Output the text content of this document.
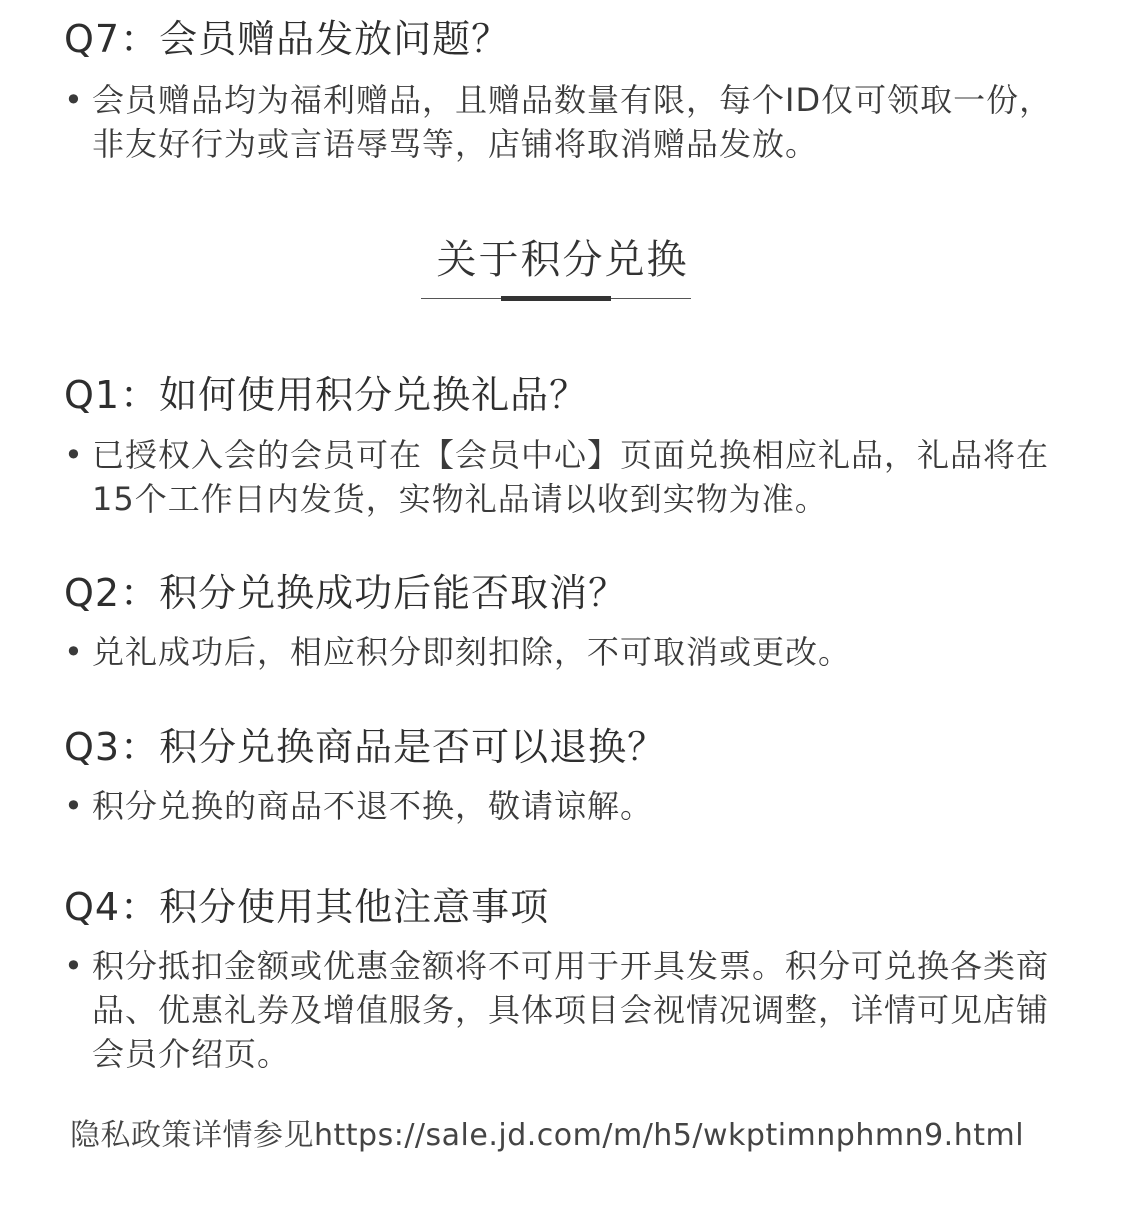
Q7：会员赠品发放问题？
• 会员赠品均为福利赠品，且赠品数量有限，每个ID仅可领取一份，非友好行为或言语辱骂等，店铺将取消赠品发放。
关于积分兑换
Q1：如何使用积分兑换礼品？
• 已授权入会的会员可在【会员中心】页面兑换相应礼品，礼品将在15个工作日内发货，实物礼品请以收到实物为准。
Q2：积分兑换成功后能否取消？
• 兑礼成功后，相应积分即刻扣除，不可取消或更改。
Q3：积分兑换商品是否可以退换？
• 积分兑换的商品不退不换，敬请谅解。
Q4：积分使用其他注意事项
• 积分抵扣金额或优惠金额将不可用于开具发票。积分可兑换各类商品、优惠礼券及增值服务，具体项目会视情况调整，详情可见店铺会员介绍页。
隐私政策详情参见https://sale.jd.com/m/h5/wkptimnphmn9.html
